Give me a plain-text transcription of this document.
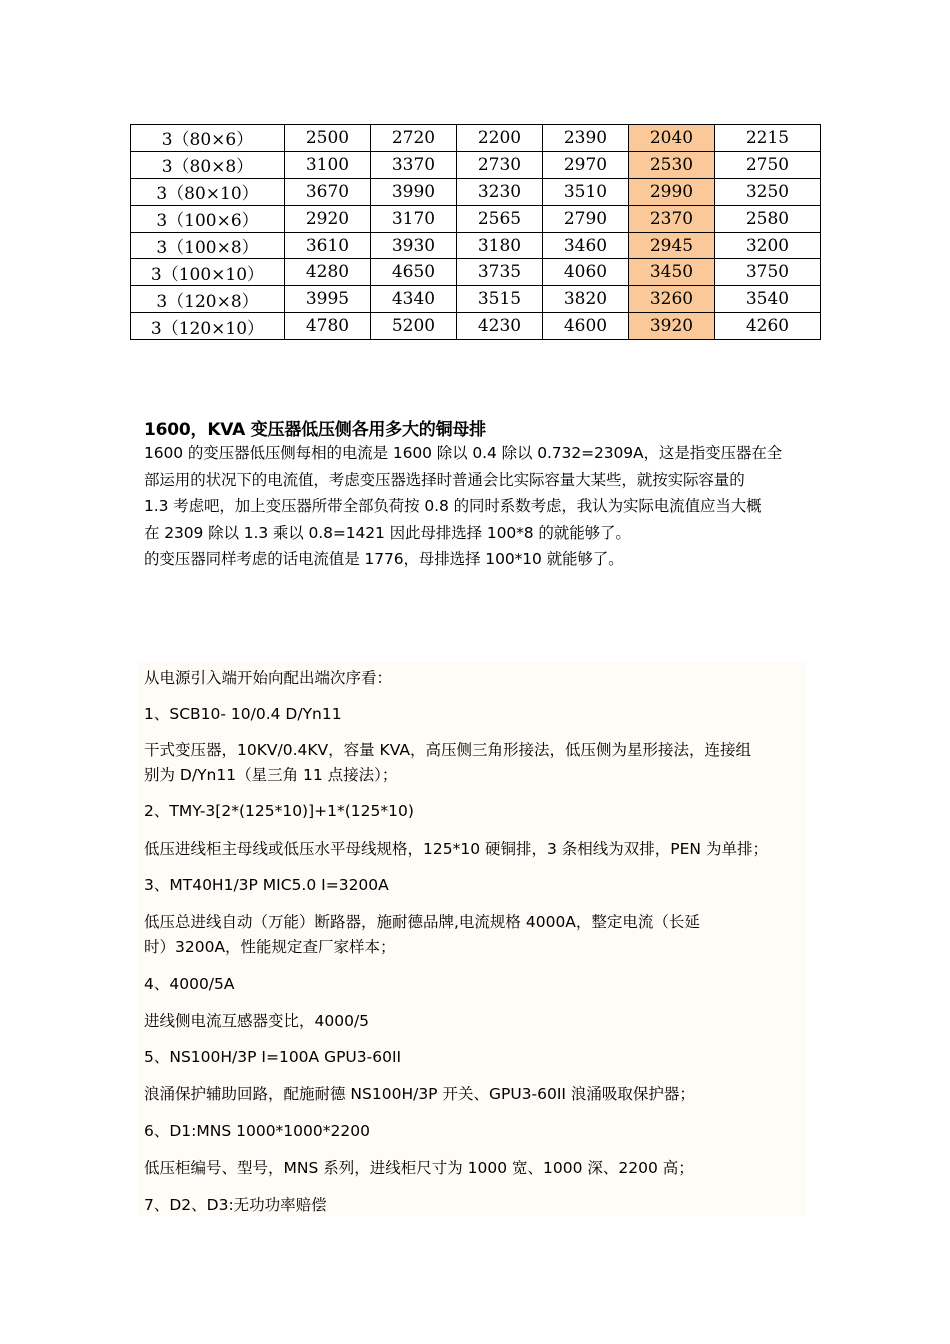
3（80×6）	2500	2720	2200	2390	2040	2215
3（80×8）	3100	3370	2730	2970	2530	2750
3（80×10）	3670	3990	3230	3510	2990	3250
3（100×6）	2920	3170	2565	2790	2370	2580
3（100×8）	3610	3930	3180	3460	2945	3200
3（100×10）	4280	4650	3735	4060	3450	3750
3（120×8）	3995	4340	3515	3820	3260	3540
3（120×10）	4780	5200	4230	4600	3920	4260
1600，KVA 变压器低压侧各用多大的铜母排
1600 的变压器低压侧每相的电流是 1600 除以 0.4 除以 0.732=2309A，这是指变压器在全
部运用的状况下的电流值，考虑变压器选择时普通会比实际容量大某些，就按实际容量的
1.3 考虑吧，加上变压器所带全部负荷按 0.8 的同时系数考虑，我认为实际电流值应当大概
在 2309 除以 1.3 乘以 0.8=1421 因此母排选择 100*8 的就能够了。
的变压器同样考虑的话电流值是 1776，母排选择 100*10 就能够了。
从电源引入端开始向配出端次序看：
1、SCB10- 10/0.4 D/Yn11
干式变压器，10KV/0.4KV，容量 KVA，高压侧三角形接法，低压侧为星形接法，连接组
别为 D/Yn11（星三角 11 点接法）；
2、TMY-3[2*(125*10)]+1*(125*10)
低压进线柜主母线或低压水平母线规格，125*10 硬铜排，3 条相线为双排，PEN 为单排；
3、MT40H1/3P MIC5.0 I=3200A
低压总进线自动（万能）断路器，施耐德品牌,电流规格 4000A，整定电流（长延
时）3200A，性能规定查厂家样本；
4、4000/5A
进线侧电流互感器变比，4000/5
5、NS100H/3P I=100A GPU3-60II
浪涌保护辅助回路，配施耐德 NS100H/3P 开关、GPU3-60II 浪涌吸取保护器；
6、D1:MNS 1000*1000*2200
低压柜编号、型号，MNS 系列，进线柜尺寸为 1000 宽、1000 深、2200 高；
7、D2、D3:无功功率赔偿
